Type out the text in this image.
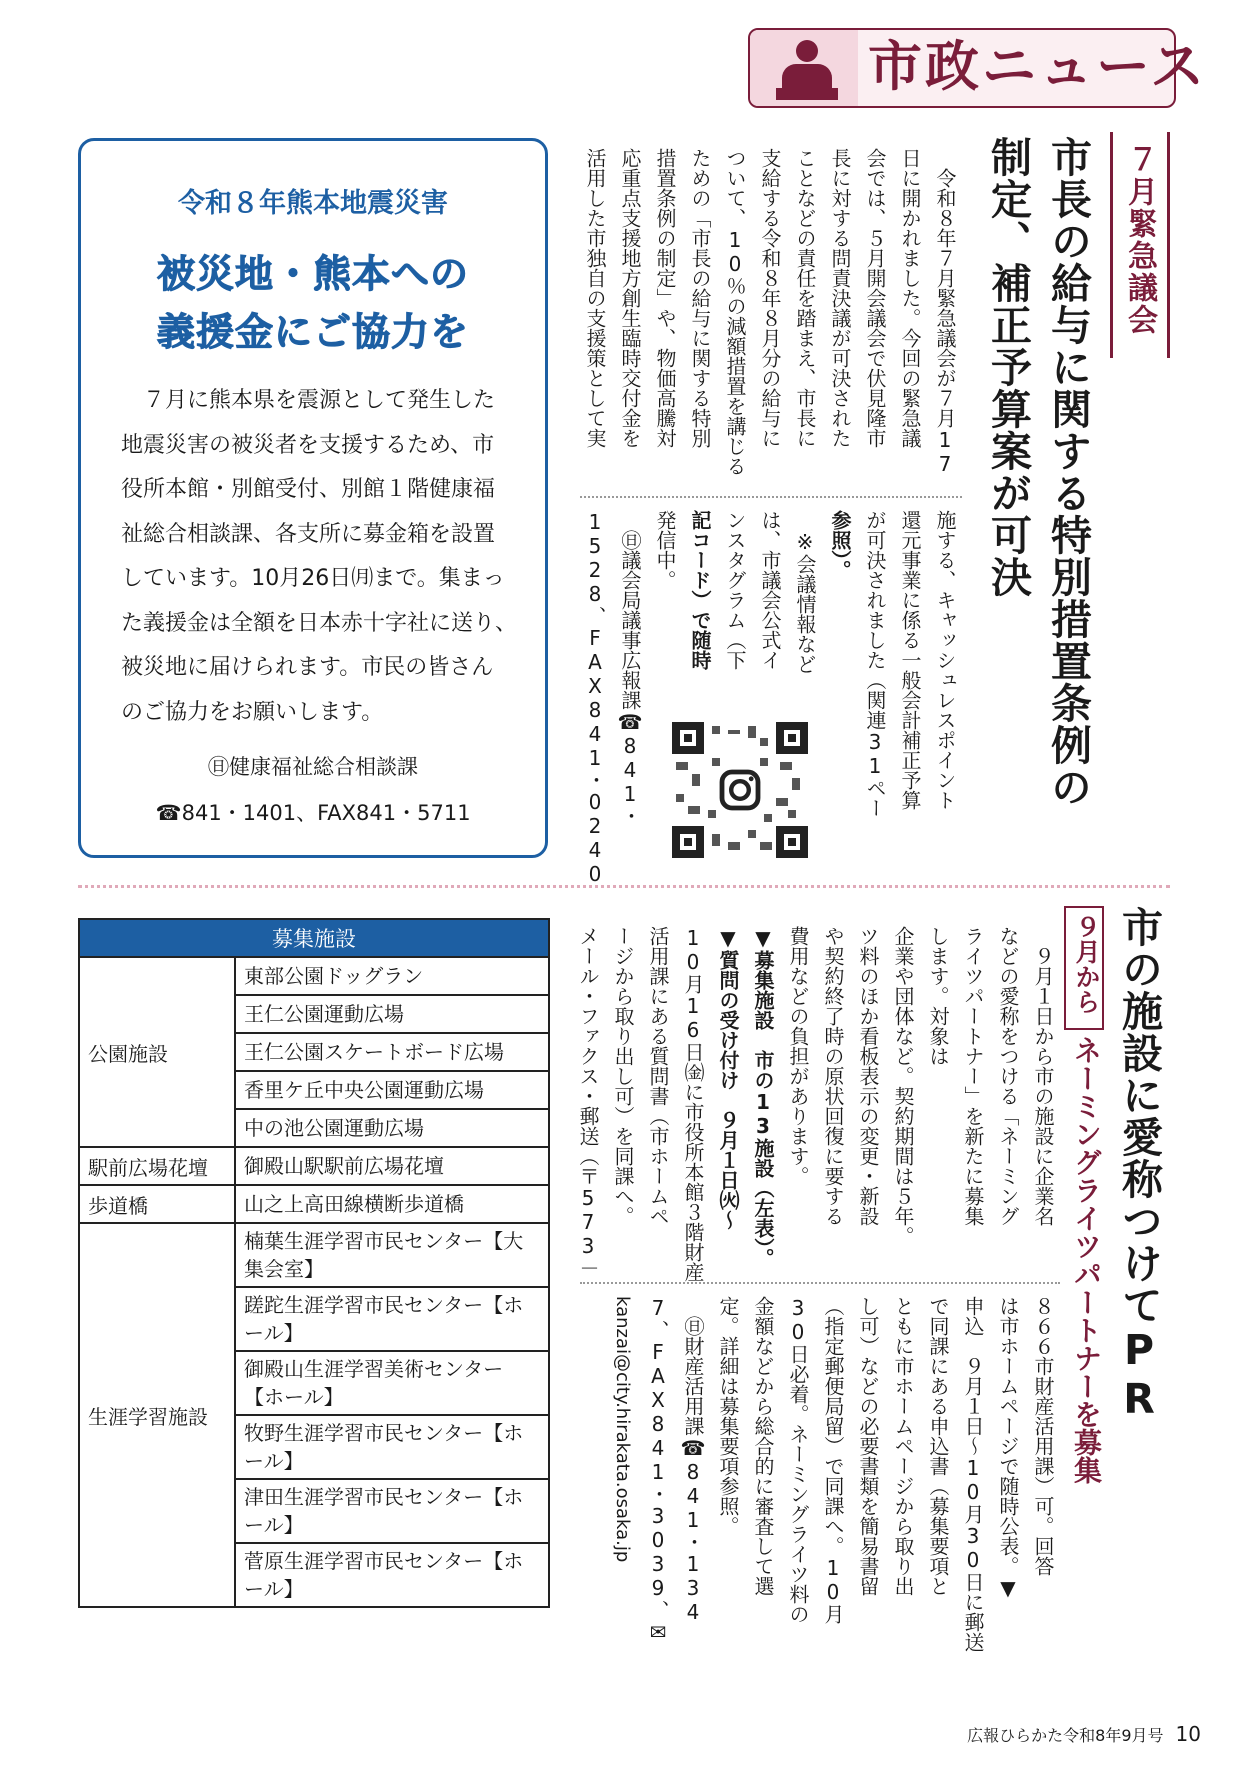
市政ニュース
令和８年熊本地震災害
被災地・熊本への
義援金にご協力を

　７月に熊本県を震源として発生した

地震災害の被災者を支援するため、市

役所本館・別館受付、別館１階健康福

祉総合相談課、各支所に募金箱を設置

しています。10月26日㈪まで。集まっ

た義援金は全額を日本赤十字社に送り、

被災地に届けられます。市民の皆さん

のご協力をお願いします。

㊐健康福祉総合相談課
☎841・1401、FAX841・5711
７月緊急議会
市長の給与に関する特別措置条例の
制定、補正予算案が可決
　令和８年７月緊急議会が７月17
日に開かれました。今回の緊急議
会では、５月開会議会で伏見隆市
長に対する問責決議が可決された
ことなどの責任を踏まえ、市長に
支給する令和８年８月分の給与に
ついて、10％の減額措置を講じる
ための「市長の給与に関する特別
措置条例の制定」や、物価高騰対
応重点支援地方創生臨時交付金を
活用した市独自の支援策として実
施する、キャッシュレスポイント
還元事業に係る一般会計補正予算
が可決されました（関連31ペー
参照）。
　※会議情報など
は、市議会公式イ
ンスタグラム（下
記コード）で随時
発信中。
　㊐議会局議事広報課☎841・
1528、FAX841・0240
市の施設に愛称つけてPR
９月から
ネーミングライツパートナーを募集
　９月１日から市の施設に企業名
などの愛称をつける「ネーミング
ライツパートナー」を新たに募集
します。対象は
企業や団体など。契約期間は５年。
ツ料のほか看板表示の変更・新設
や契約終了時の原状回復に要する
費用などの負担があります。
▼募集施設　市の13施設（左表）。
▼質問の受け付け　９月１日㈫～
10月16日㈮に市役所本館３階財産
活用課にある質問書（市ホームペ
ージから取り出し可）を同課へ。
メール・ファクス・郵送（〒573－
８６６市財産活用課）可。回答
は市ホームページで随時公表。▼
申込　９月１日～10月30日に郵送
で同課にある申込書（募集要項と
ともに市ホームページから取り出
し可）などの必要書類を簡易書留
（指定郵便局留）で同課へ。10月
30日必着。ネーミングライツ料の
金額などから総合的に審査して選
定。詳細は募集要項参照。
　㊐財産活用課☎841・134
7、FAX841・3039、✉
kanzai@city.hirakata.osaka.jp
募集施設	
公園施設	東部公園ドッグラン
	王仁公園運動広場
	王仁公園スケートボード広場
	香里ケ丘中央公園運動広場
	中の池公園運動広場
駅前広場花壇	御殿山駅駅前広場花壇
歩道橋	山之上高田線横断歩道橋
生涯学習施設	楠葉生涯学習市民センター【大集会室】
	蹉跎生涯学習市民センター【ホール】
	御殿山生涯学習美術センター【ホール】
	牧野生涯学習市民センター【ホール】
	津田生涯学習市民センター【ホール】
	菅原生涯学習市民センター【ホール】
広報ひらかた令和8年9月号 10
